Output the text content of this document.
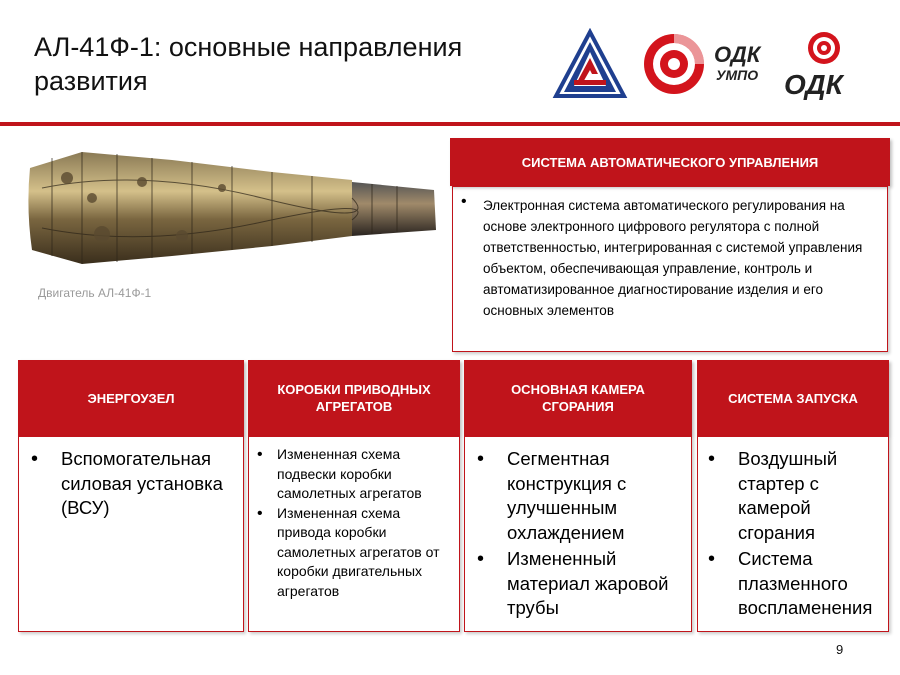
АЛ-41Ф-1: основные направления развития
ОДК
УМПО ОДК
Двигатель АЛ-41Ф-1
СИСТЕМА АВТОМАТИЧЕСКОГО УПРАВЛЕНИЯ
• Электронная система автоматического регулирования на основе электронного цифрового регулятора с полной ответственностью, интегрированная с системой управления объектом, обеспечивающая управление, контроль и автоматизированное диагностирование изделия и его основных элементов
ЭНЕРГОУЗЕЛ
• Вспомогательная силовая установка (ВСУ)
КОРОБКИ ПРИВОДНЫХ АГРЕГАТОВ
• Измененная схема подвески коробки самолетных агрегатов
• Измененная схема привода коробки самолетных агрегатов от коробки двигательных агрегатов
ОСНОВНАЯ КАМЕРА СГОРАНИЯ
• Сегментная конструкция с улучшенным охлаждением
• Измененный материал жаровой трубы
СИСТЕМА ЗАПУСКА
• Воздушный стартер с камерой сгорания
• Система плазменного воспламенения
9
